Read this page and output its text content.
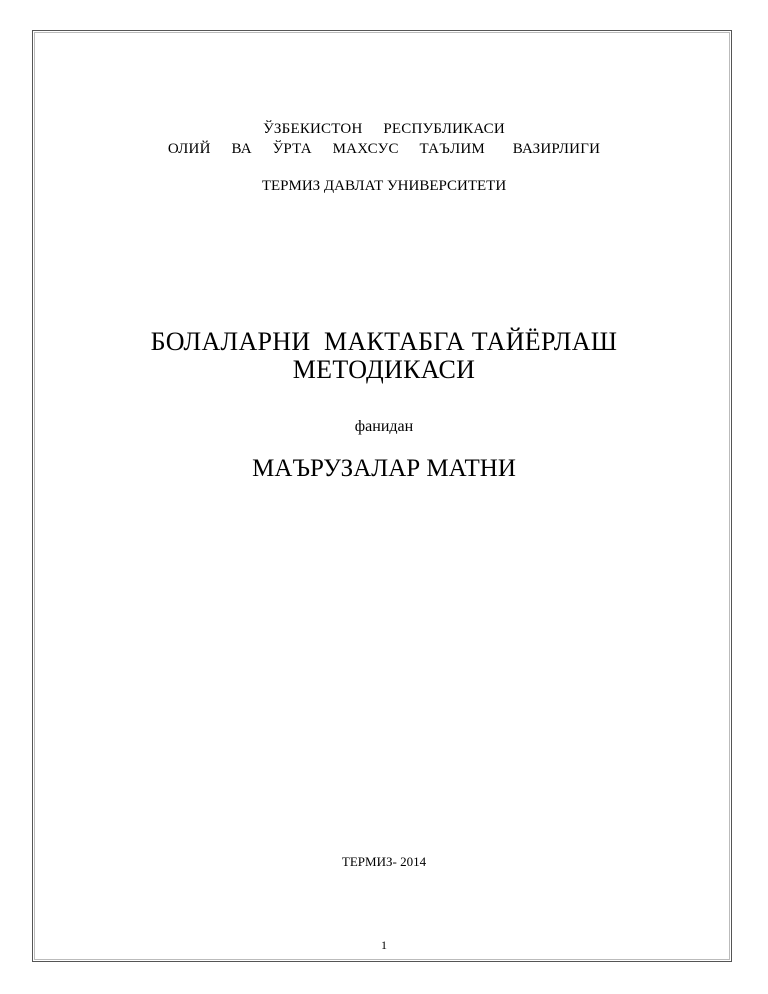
ЎЗБЕКИСТОН   РЕСПУБЛИКАСИ
ОЛИЙ   ВА   ЎРТА   МАХСУС   ТАЪЛИМ    ВАЗИРЛИГИ
ТЕРМИЗ ДАВЛАТ УНИВЕРСИТЕТИ
БОЛАЛАРНИ  МАКТАБГА ТАЙЁРЛАШ
МЕТОДИКАСИ
фанидан
МАЪРУЗАЛАР МАТНИ
ТЕРМИЗ- 2014
1
